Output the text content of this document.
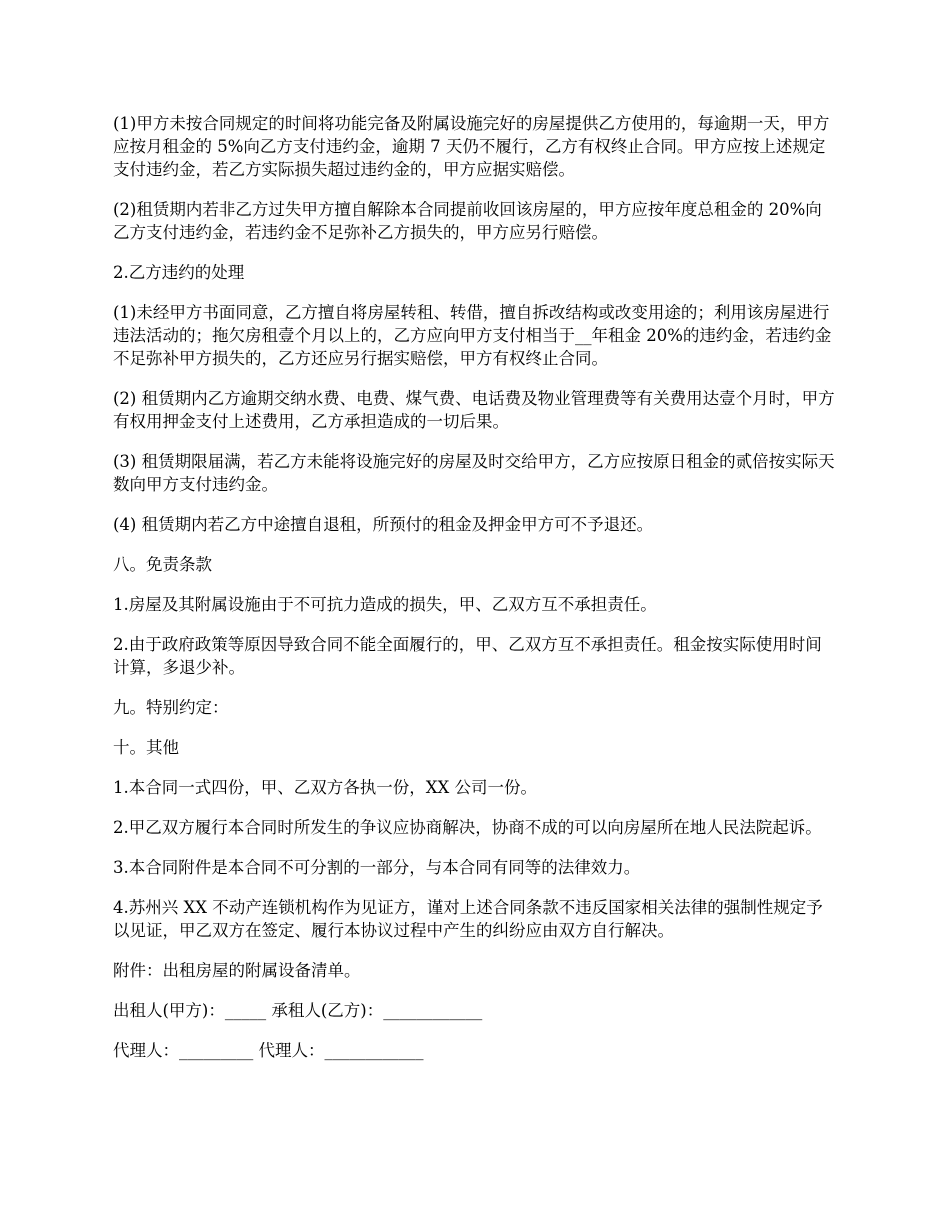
(1)甲方未按合同规定的时间将功能完备及附属设施完好的房屋提供乙方使用的，每逾期一天，甲方应按月租金的 5%向乙方支付违约金，逾期 7 天仍不履行，乙方有权终止合同。甲方应按上述规定支付违约金，若乙方实际损失超过违约金的，甲方应据实赔偿。

(2)租赁期内若非乙方过失甲方擅自解除本合同提前收回该房屋的，甲方应按年度总租金的 20%向乙方支付违约金，若违约金不足弥补乙方损失的，甲方应另行赔偿。

2.乙方违约的处理

(1)未经甲方书面同意，乙方擅自将房屋转租、转借，擅自拆改结构或改变用途的；利用该房屋进行违法活动的；拖欠房租壹个月以上的，乙方应向甲方支付相当于__年租金 20%的违约金，若违约金不足弥补甲方损失的，乙方还应另行据实赔偿，甲方有权终止合同。

(2) 租赁期内乙方逾期交纳水费、电费、煤气费、电话费及物业管理费等有关费用达壹个月时，甲方有权用押金支付上述费用，乙方承担造成的一切后果。

(3) 租赁期限届满，若乙方未能将设施完好的房屋及时交给甲方，乙方应按原日租金的贰倍按实际天数向甲方支付违约金。

(4) 租赁期内若乙方中途擅自退租，所预付的租金及押金甲方可不予退还。

八。免责条款

1.房屋及其附属设施由于不可抗力造成的损失，甲、乙双方互不承担责任。

2.由于政府政策等原因导致合同不能全面履行的，甲、乙双方互不承担责任。租金按实际使用时间计算，多退少补。

九。特别约定：

十。其他

1.本合同一式四份，甲、乙双方各执一份，XX 公司一份。

2.甲乙双方履行本合同时所发生的争议应协商解决，协商不成的可以向房屋所在地人民法院起诉。

3.本合同附件是本合同不可分割的一部分，与本合同有同等的法律效力。

4.苏州兴 XX 不动产连锁机构作为见证方，谨对上述合同条款不违反国家相关法律的强制性规定予以见证，甲乙双方在签定、履行本协议过程中产生的纠纷应由双方自行解决。

附件：出租房屋的附属设备清单。

出租人(甲方)：_____ 承租人(乙方)：____________

代理人：_________ 代理人：____________
